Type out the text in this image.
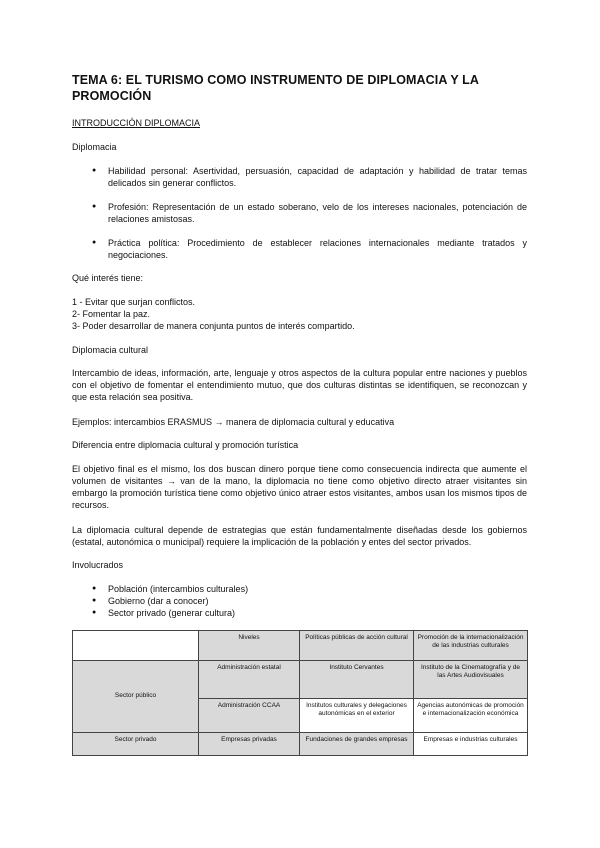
TEMA 6: EL TURISMO COMO INSTRUMENTO DE DIPLOMACIA Y LA PROMOCIÓN
INTRODUCCIÓN DIPLOMACIA
Diplomacia
● Habilidad personal: Asertividad, persuasión, capacidad de adaptación y habilidad de tratar temas delicados sin generar conflictos.
● Profesión: Representación de un estado soberano, velo de los intereses nacionales, potenciación de relaciones amistosas.
● Práctica política: Procedimiento de establecer relaciones internacionales mediante tratados y negociaciones.
Qué interés tiene:
1 - Evitar que surjan conflictos.
2- Fomentar la paz.
3- Poder desarrollar de manera conjunta puntos de interés compartido.
Diplomacia cultural
Intercambio de ideas, información, arte, lenguaje y otros aspectos de la cultura popular entre naciones y pueblos con el objetivo de fomentar el entendimiento mutuo, que dos culturas distintas se identifiquen, se reconozcan y que esta relación sea positiva.
Ejemplos: intercambios ERASMUS → manera de diplomacia cultural y educativa
Diferencia entre diplomacia cultural y promoción turística
El objetivo final es el mismo, los dos buscan dinero porque tiene como consecuencia indirecta que aumente el volumen de visitantes → van de la mano, la diplomacia no tiene como objetivo directo atraer visitantes sin embargo la promoción turística tiene como objetivo único atraer estos visitantes, ambos usan los mismos tipos de recursos.
La diplomacia cultural depende de estrategias que están fundamentalmente diseñadas desde los gobiernos (estatal, autonómica o municipal) requiere la implicación de la población y entes del sector privados.
Involucrados
● Población (intercambios culturales)
● Gobierno (dar a conocer)
● Sector privado (generar cultura)
	Niveles	Políticas públicas de acción cultural	Promoción de la internacionalización de las industrias culturales
Sector público	Administración estatal	Instituto Cervantes	Instituto de la Cinematografía y de las Artes Audiovisuales
	Administración CCAA	Institutos culturales y delegaciones autonómicas en el exterior	Agencias autonómicas de promoción e internacionalización económica
Sector privado	Empresas privadas	Fundaciones de grandes empresas	Empresas e industrias culturales
